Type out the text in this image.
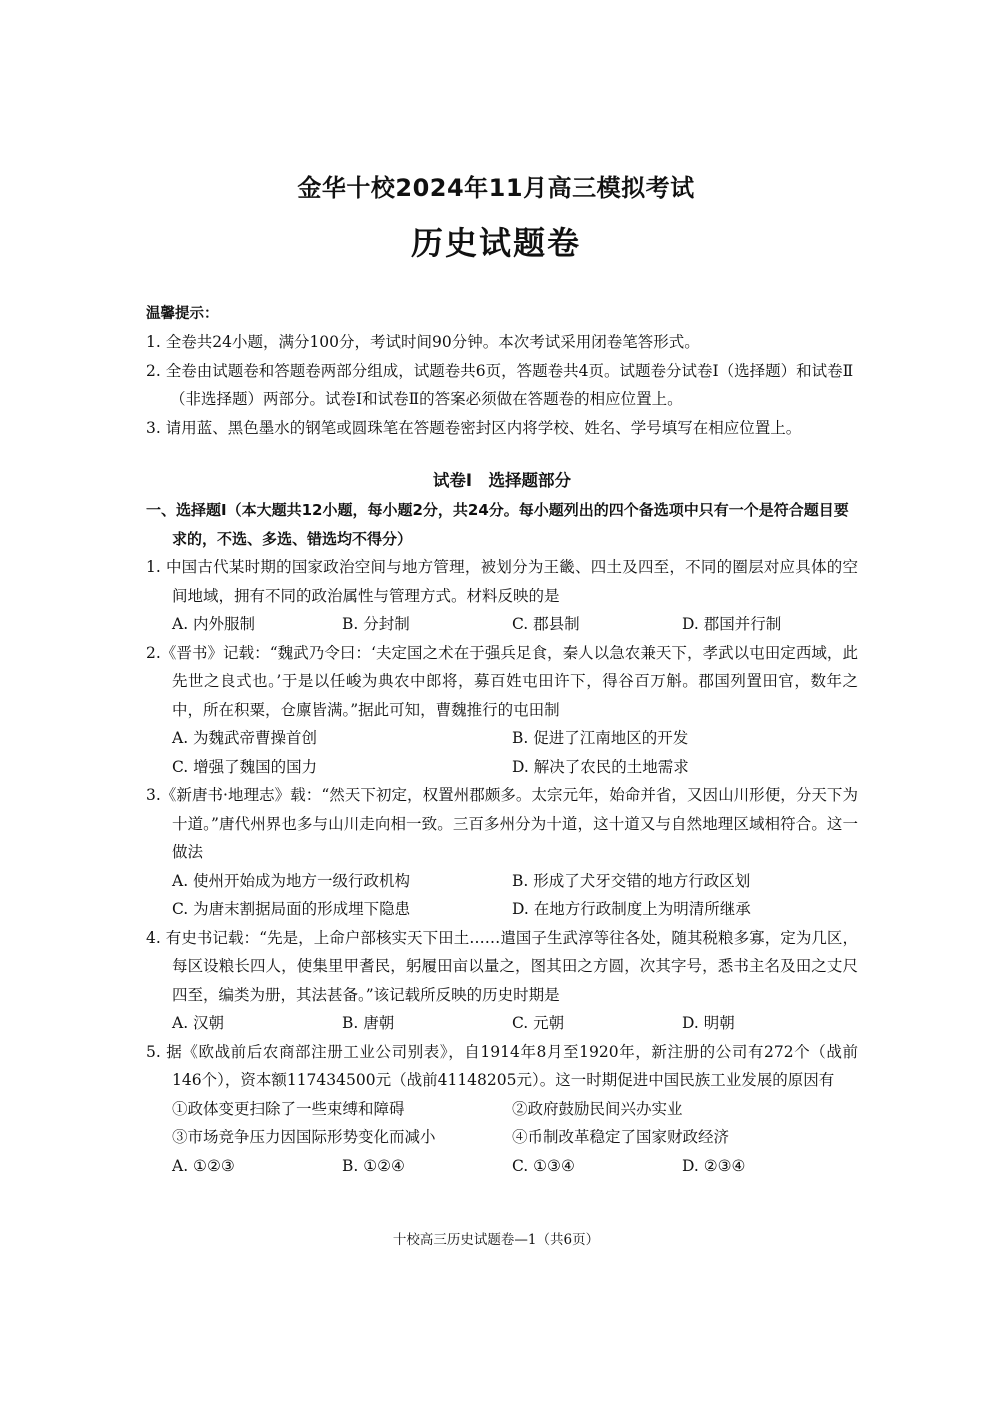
金华十校2024年11月高三模拟考试
历史试题卷
温馨提示：
1. 全卷共24小题，满分100分，考试时间90分钟。本次考试采用闭卷笔答形式。
2. 全卷由试题卷和答题卷两部分组成，试题卷共6页，答题卷共4页。试题卷分试卷Ⅰ（选择题）和试卷Ⅱ（非选择题）两部分。试卷Ⅰ和试卷Ⅱ的答案必须做在答题卷的相应位置上。
3. 请用蓝、黑色墨水的钢笔或圆珠笔在答题卷密封区内将学校、姓名、学号填写在相应位置上。
试卷Ⅰ　选择题部分
一、选择题Ⅰ（本大题共12小题，每小题2分，共24分。每小题列出的四个备选项中只有一个是符合题目要求的，不选、多选、错选均不得分）
1. 中国古代某时期的国家政治空间与地方管理，被划分为王畿、四土及四至，不同的圈层对应具体的空间地域，拥有不同的政治属性与管理方式。材料反映的是
A. 内外服制	B. 分封制	C. 郡县制	D. 郡国并行制
2.《晋书》记载：“魏武乃令曰：‘夫定国之术在于强兵足食，秦人以急农兼天下，孝武以屯田定西域，此先世之良式也。’于是以任峻为典农中郎将，募百姓屯田许下，得谷百万斛。郡国列置田官，数年之中，所在积粟，仓廪皆满。”据此可知，曹魏推行的屯田制
A. 为魏武帝曹操首创	B. 促进了江南地区的开发
C. 增强了魏国的国力	D. 解决了农民的土地需求
3.《新唐书·地理志》载：“然天下初定，权置州郡颇多。太宗元年，始命并省，又因山川形便，分天下为十道。”唐代州界也多与山川走向相一致。三百多州分为十道，这十道又与自然地理区域相符合。这一做法
A. 使州开始成为地方一级行政机构	B. 形成了犬牙交错的地方行政区划
C. 为唐末割据局面的形成埋下隐患	D. 在地方行政制度上为明清所继承
4. 有史书记载：“先是，上命户部核实天下田土……遣国子生武淳等往各处，随其税粮多寡，定为几区，每区设粮长四人，使集里甲耆民，躬履田亩以量之，图其田之方圆，次其字号，悉书主名及田之丈尺四至，编类为册，其法甚备。”该记载所反映的历史时期是
A. 汉朝	B. 唐朝	C. 元朝	D. 明朝
5. 据《欧战前后农商部注册工业公司别表》，自1914年8月至1920年，新注册的公司有272个（战前146个），资本额117434500元（战前41148205元）。这一时期促进中国民族工业发展的原因有
①政体变更扫除了一些束缚和障碍	②政府鼓励民间兴办实业
③市场竞争压力因国际形势变化而减小	④币制改革稳定了国家财政经济
A. ①②③	B. ①②④	C. ①③④	D. ②③④
十校高三历史试题卷—1（共6页）
